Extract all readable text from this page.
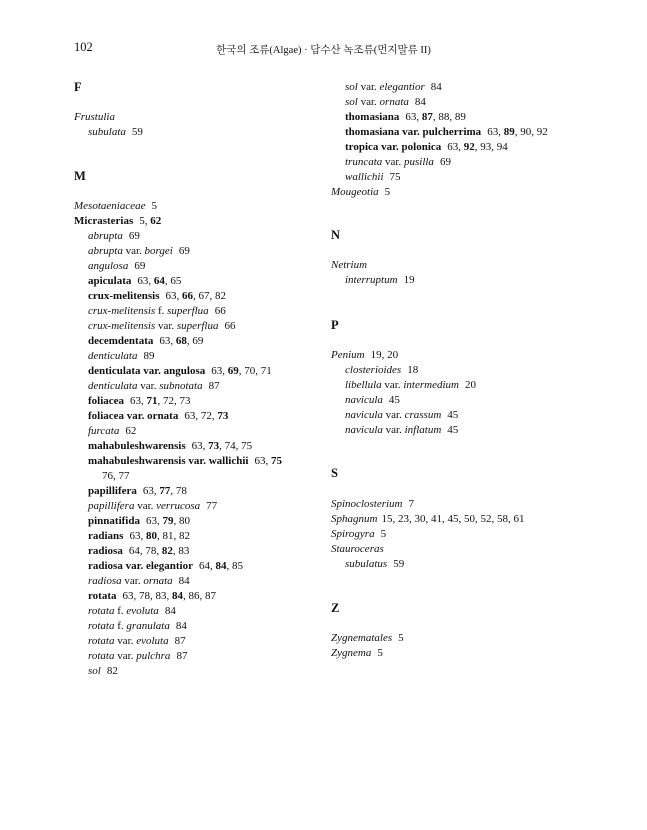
102	한국의 조류(Algae) · 담수산 녹조류(먼지말류 II)
F
Frustulia
subulata 59
M
Mesotaeniaceae 5
Micrasterias 5, 62
abrupta 69
abrupta var. borgei 69
angulosa 69
apiculata 63, 64, 65
crux-melitensis 63, 66, 67, 82
crux-melitensis f. superflua 66
crux-melitensis var. superflua 66
decemdentata 63, 68, 69
denticulata 89
denticulata var. angulosa 63, 69, 70, 71
denticulata var. subnotata 87
foliacea 63, 71, 72, 73
foliacea var. ornata 63, 72, 73
furcata 62
mahabuleshwarensis 63, 73, 74, 75
mahabuleshwarensis var. wallichii 63, 75
76, 77
papillifera 63, 77, 78
papillifera var. verrucosa 77
pinnatifida 63, 79, 80
radians 63, 80, 81, 82
radiosa 64, 78, 82, 83
radiosa var. elegantior 64, 84, 85
radiosa var. ornata 84
rotata 63, 78, 83, 84, 86, 87
rotata f. evoluta 84
rotata f. granulata 84
rotata var. evoluta 87
rotata var. pulchra 87
sol 82
sol var. elegantior 84
sol var. ornata 84
thomasiana 63, 87, 88, 89
thomasiana var. pulcherrima 63, 89, 90, 92
tropica var. polonica 63, 92, 93, 94
truncata var. pusilla 69
wallichii 75
Mougeotia 5
N
Netrium
interruptum 19
P
Penium 19, 20
closterioides 18
libellula var. intermedium 20
navicula 45
navicula var. crassum 45
navicula var. inflatum 45
S
Spinoclosterium 7
Sphagnum 15, 23, 30, 41, 45, 50, 52, 58, 61
Spirogyra 5
Stauroceras
subulatus 59
Z
Zygnematales 5
Zygnema 5
